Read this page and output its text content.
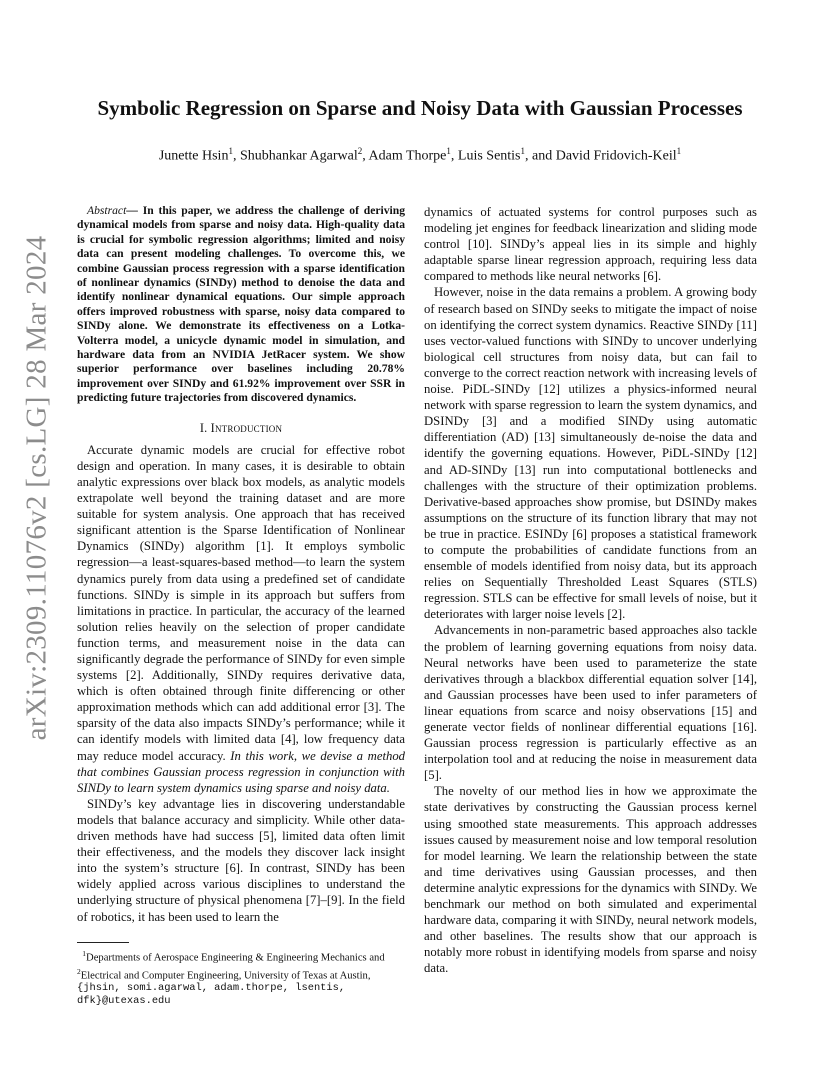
arXiv:2309.11076v2 [cs.LG] 28 Mar 2024
Symbolic Regression on Sparse and Noisy Data with Gaussian Processes
Junette Hsin$^1$, Shubhankar Agarwal$^2$, Adam Thorpe$^1$, Luis Sentis$^1$, and David Fridovich-Keil$^1$

Abstract— In this paper, we address the challenge of deriving dynamical models from sparse and noisy data. High-quality data is crucial for symbolic regression algorithms; limited and noisy data can present modeling challenges. To overcome this, we combine Gaussian process regression with a sparse identification of nonlinear dynamics (SINDy) method to denoise the data and identify nonlinear dynamical equations. Our simple approach offers improved robustness with sparse, noisy data compared to SINDy alone. We demonstrate its effectiveness on a Lotka-Volterra model, a unicycle dynamic model in simulation, and hardware data from an NVIDIA JetRacer system. We show superior performance over baselines including 20.78% improvement over SINDy and 61.92% improvement over SSR in predicting future trajectories from discovered dynamics.

I. Introduction

Accurate dynamic models are crucial for effective robot design and operation. In many cases, it is desirable to obtain analytic expressions over black box models, as analytic models extrapolate well beyond the training dataset and are more suitable for system analysis. One approach that has received significant attention is the Sparse Identification of Nonlinear Dynamics (SINDy) algorithm [1]. It employs symbolic regression—a least-squares-based method—to learn the system dynamics purely from data using a predefined set of candidate functions. SINDy is simple in its approach but suffers from limitations in practice. In particular, the accuracy of the learned solution relies heavily on the selection of proper candidate function terms, and measurement noise in the data can significantly degrade the performance of SINDy for even simple systems [2]. Additionally, SINDy requires derivative data, which is often obtained through finite differencing or other approximation methods which can add additional error [3]. The sparsity of the data also impacts SINDy’s performance; while it can identify models with limited data [4], low frequency data may reduce model accuracy. In this work, we devise a method that combines Gaussian process regression in conjunction with SINDy to learn system dynamics using sparse and noisy data.

SINDy’s key advantage lies in discovering understandable models that balance accuracy and simplicity. While other data-driven methods have had success [5], limited data often limit their effectiveness, and the models they discover lack insight into the system’s structure [6]. In contrast, SINDy has been widely applied across various disciplines to understand the underlying structure of physical phenomena [7]–[9]. In the field of robotics, it has been used to learn the

$^1$Departments of Aerospace Engineering & Engineering Mechanics and
$^2$Electrical and Computer Engineering, University of Texas at Austin,
{jhsin, somi.agarwal, adam.thorpe, lsentis, dfk}@utexas.edu

dynamics of actuated systems for control purposes such as modeling jet engines for feedback linearization and sliding mode control [10]. SINDy’s appeal lies in its simple and highly adaptable sparse linear regression approach, requiring less data compared to methods like neural networks [6].

However, noise in the data remains a problem. A growing body of research based on SINDy seeks to mitigate the impact of noise on identifying the correct system dynamics. Reactive SINDy [11] uses vector-valued functions with SINDy to uncover underlying biological cell structures from noisy data, but can fail to converge to the correct reaction network with increasing levels of noise. PiDL-SINDy [12] utilizes a physics-informed neural network with sparse regression to learn the system dynamics, and DSINDy [3] and a modified SINDy using automatic differentiation (AD) [13] simultaneously de-noise the data and identify the governing equations. However, PiDL-SINDy [12] and AD-SINDy [13] run into computational bottlenecks and challenges with the structure of their optimization problems. Derivative-based approaches show promise, but DSINDy makes assumptions on the structure of its function library that may not be true in practice. ESINDy [6] proposes a statistical framework to compute the probabilities of candidate functions from an ensemble of models identified from noisy data, but its approach relies on Sequentially Thresholded Least Squares (STLS) regression. STLS can be effective for small levels of noise, but it deteriorates with larger noise levels [2].

Advancements in non-parametric based approaches also tackle the problem of learning governing equations from noisy data. Neural networks have been used to parameterize the state derivatives through a blackbox differential equation solver [14], and Gaussian processes have been used to infer parameters of linear equations from scarce and noisy observations [15] and generate vector fields of nonlinear differential equations [16]. Gaussian process regression is particularly effective as an interpolation tool and at reducing the noise in measurement data [5].

The novelty of our method lies in how we approximate the state derivatives by constructing the Gaussian process kernel using smoothed state measurements. This approach addresses issues caused by measurement noise and low temporal resolution for model learning. We learn the relationship between the state and time derivatives using Gaussian processes, and then determine analytic expressions for the dynamics with SINDy. We benchmark our method on both simulated and experimental hardware data, comparing it with SINDy, neural network models, and other baselines. The results show that our approach is notably more robust in identifying models from sparse and noisy data.
